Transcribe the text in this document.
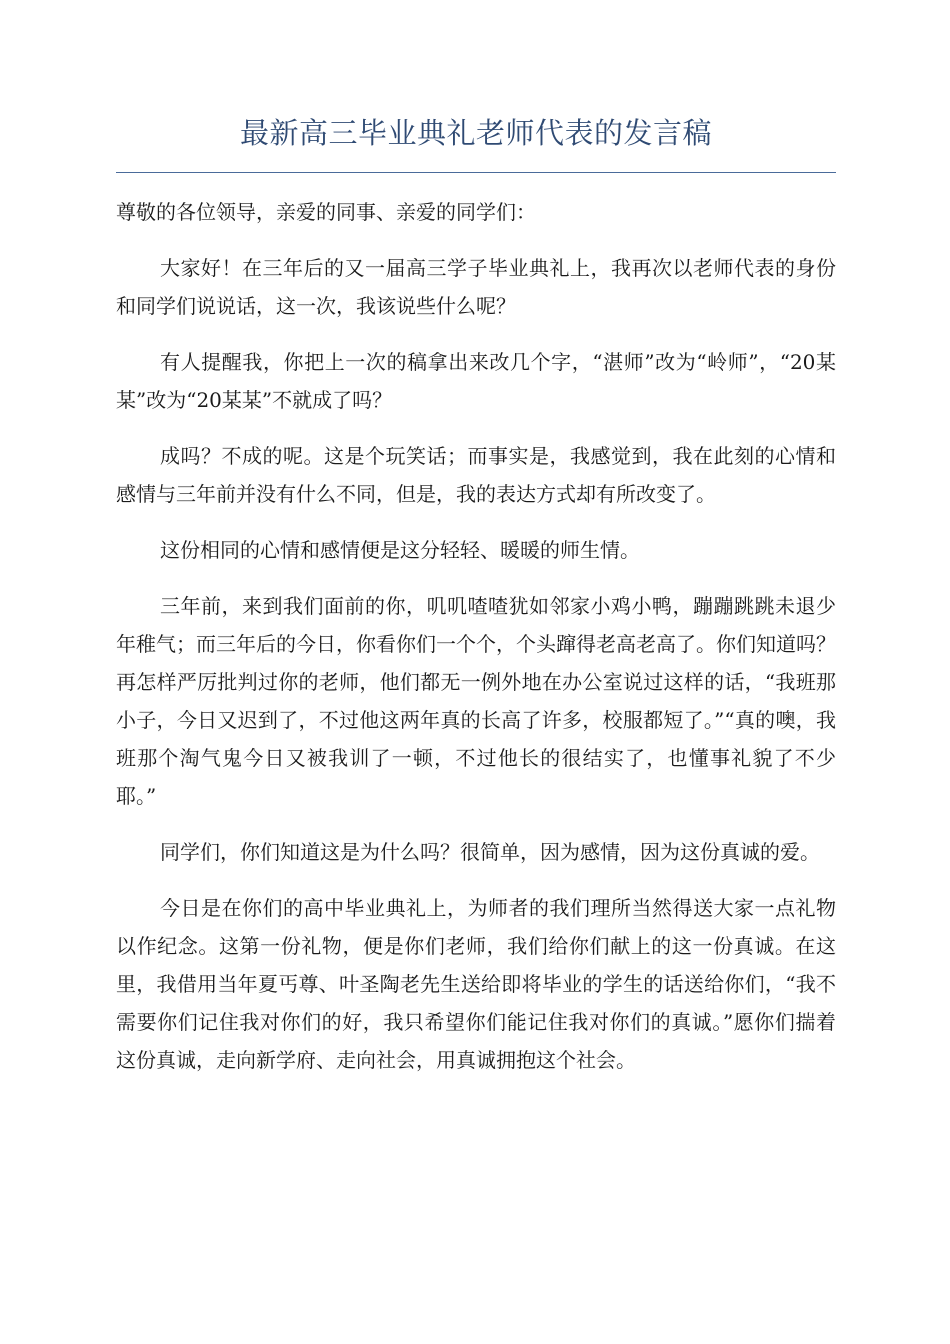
最新高三毕业典礼老师代表的发言稿

尊敬的各位领导，亲爱的同事、亲爱的同学们：

大家好！在三年后的又一届高三学子毕业典礼上，我再次以老师代表的身份和同学们说说话，这一次，我该说些什么呢？

有人提醒我，你把上一次的稿拿出来改几个字，“湛师”改为“岭师”，“20某某”改为“20某某”不就成了吗？

成吗？不成的呢。这是个玩笑话；而事实是，我感觉到，我在此刻的心情和感情与三年前并没有什么不同，但是，我的表达方式却有所改变了。

这份相同的心情和感情便是这分轻轻、暖暖的师生情。

三年前，来到我们面前的你，叽叽喳喳犹如邻家小鸡小鸭，蹦蹦跳跳未退少年稚气；而三年后的今日，你看你们一个个，个头蹿得老高老高了。你们知道吗？再怎样严厉批判过你的老师，他们都无一例外地在办公室说过这样的话，“我班那小子，今日又迟到了，不过他这两年真的长高了许多，校服都短了。”“真的噢，我班那个淘气鬼今日又被我训了一顿，不过他长的很结实了，也懂事礼貌了不少耶。”

同学们，你们知道这是为什么吗？很简单，因为感情，因为这份真诚的爱。

今日是在你们的高中毕业典礼上，为师者的我们理所当然得送大家一点礼物以作纪念。这第一份礼物，便是你们老师，我们给你们献上的这一份真诚。在这里，我借用当年夏丐尊、叶圣陶老先生送给即将毕业的学生的话送给你们，“我不需要你们记住我对你们的好，我只希望你们能记住我对你们的真诚。”愿你们揣着这份真诚，走向新学府、走向社会，用真诚拥抱这个社会。
